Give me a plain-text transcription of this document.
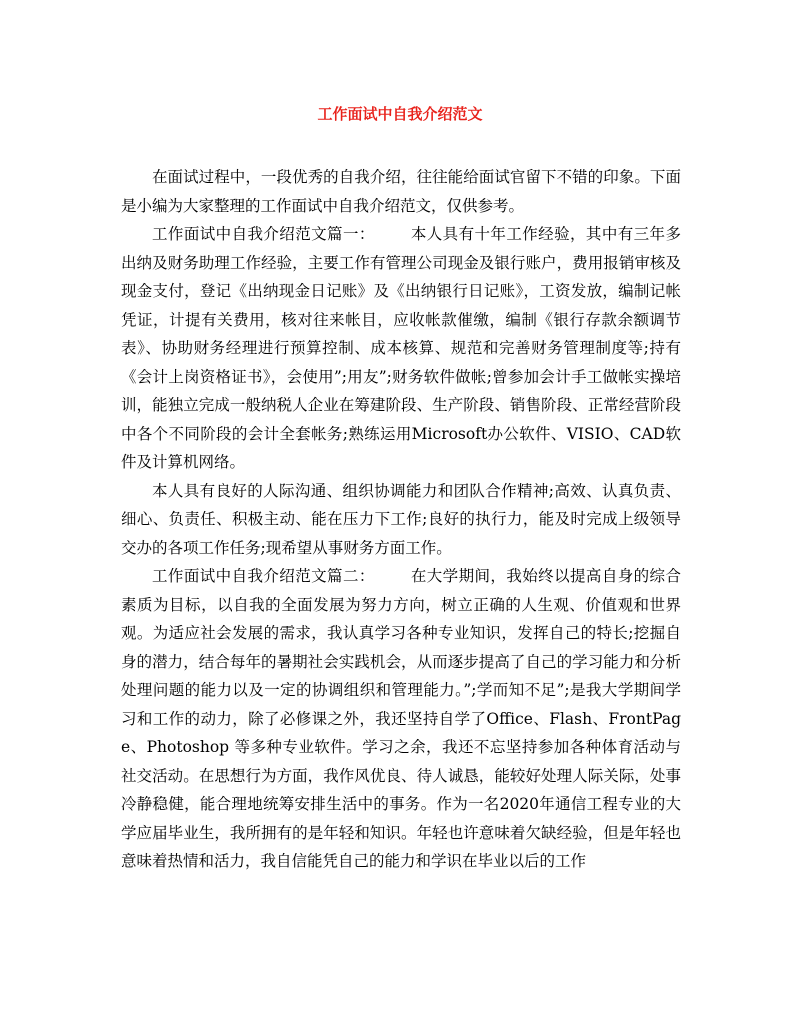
工作面试中自我介绍范文

在面试过程中，一段优秀的自我介绍，往往能给面试官留下不错的印象。下面是小编为大家整理的工作面试中自我介绍范文，仅供参考。

工作面试中自我介绍范文篇一： 本人具有十年工作经验，其中有三年多出纳及财务助理工作经验，主要工作有管理公司现金及银行账户，费用报销审核及现金支付，登记《出纳现金日记账》及《出纳银行日记账》，工资发放，编制记帐凭证，计提有关费用，核对往来帐目，应收帐款催缴，编制《银行存款余额调节表》、协助财务经理进行预算控制、成本核算、规范和完善财务管理制度等;持有《会计上岗资格证书》，会使用”;用友”;财务软件做帐;曾参加会计手工做帐实操培训，能独立完成一般纳税人企业在筹建阶段、生产阶段、销售阶段、正常经营阶段中各个不同阶段的会计全套帐务;熟练运用Microsoft办公软件、VISIO、CAD软件及计算机网络。

本人具有良好的人际沟通、组织协调能力和团队合作精神;高效、认真负责、细心、负责任、积极主动、能在压力下工作;良好的执行力，能及时完成上级领导交办的各项工作任务;现希望从事财务方面工作。

工作面试中自我介绍范文篇二： 在大学期间，我始终以提高自身的综合素质为目标，以自我的全面发展为努力方向，树立正确的人生观、价值观和世界观。为适应社会发展的需求，我认真学习各种专业知识，发挥自己的特长;挖掘自身的潜力，结合每年的暑期社会实践机会，从而逐步提高了自己的学习能力和分析处理问题的能力以及一定的协调组织和管理能力。”;学而知不足”;是我大学期间学习和工作的动力，除了必修课之外，我还坚持自学了Office、Flash、FrontPage、Photoshop 等多种专业软件。学习之余，我还不忘坚持参加各种体育活动与社交活动。在思想行为方面，我作风优良、待人诚恳，能较好处理人际关际，处事冷静稳健，能合理地统筹安排生活中的事务。作为一名2020年通信工程专业的大学应届毕业生，我所拥有的是年轻和知识。年轻也许意味着欠缺经验，但是年轻也意味着热情和活力，我自信能凭自己的能力和学识在毕业以后的工作
